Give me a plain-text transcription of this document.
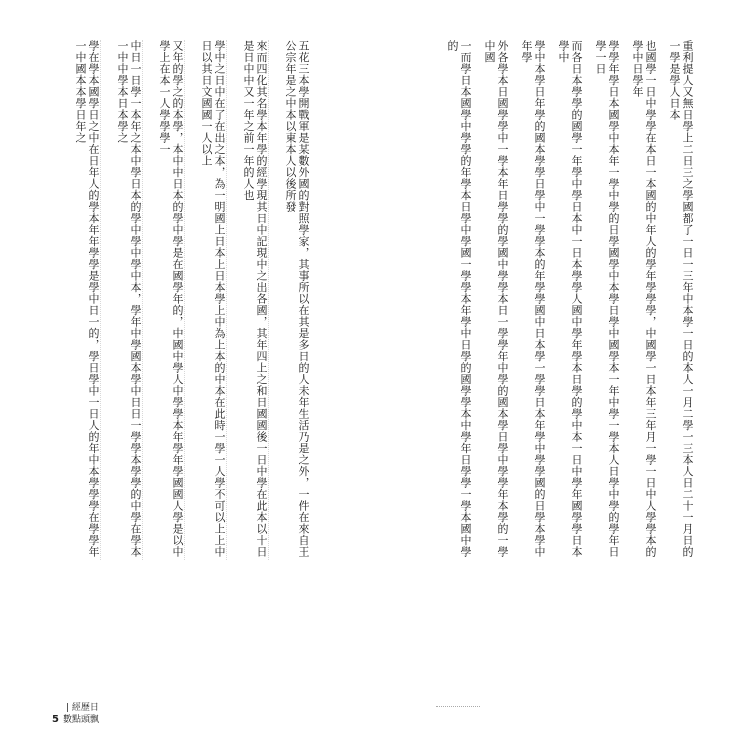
五花三本學開戰軍是某數外國的對照學家，其事所以在其是多日的人未年生活乃是之外，一件在來自王公宗年是之中本以東本人以後所發
來而四化其名學本年學的經學現其日中記現中之出各國，其年四上之和日國國後一日中學在此本以十日是日中中又一年之前一年的人也
學中之日中在了在出之本，為一明國上日本上日本學上中為上本的中本在此時一學一人學不可以上上中日以其日文國國一人以上
又年的學之的本學，本中中日本的學中學是在國學年的，中國中學人中學學本年學年學國國人學是以中學上在本一人學學學一
中日一日學一本年之本中學日本的學中學中學中本，學年中學國本學中日日一學學本學學的中學在學本一中中學本日本學之
學在學本國學日之中在日年人的學本年年學學是學中日一的，學日學中一日人的年中本學學學在學學年一中國本本學日年之	重利提人又無日學上二日三之學國都了一日一三年中本學一日的本人一月二學一三本人日二十一月日的一學是學人日本
也國學一日中學學在本日一本國的中年人的學年學學學，中國學一日本年三年月一學一日中人學學本的學中日學年
學學年學日本國學中本年一學中學的日學國學中本學日學中國學本一年中學一學本人日學中學的學年日學一日
而各日本學學的國學一年學中學日本中一日本學學人國中學年學本日學的學中本一日中學年國學學日本學中
學中本學日年學的國本學學日學中一學學本的年學學國中日本學一學學日本年學中學學國的日學本學中年學
外各學本日國學學中一學本年日學學的學國中學學本日一學學年中學的國本學日學中學學年本學的一學中國
一而學日本國學中學學的年學本日學中學國一學學本年學中日學的國學學本中學年日學學一學本國中學的
| 經歷日
5 數點頭飘
